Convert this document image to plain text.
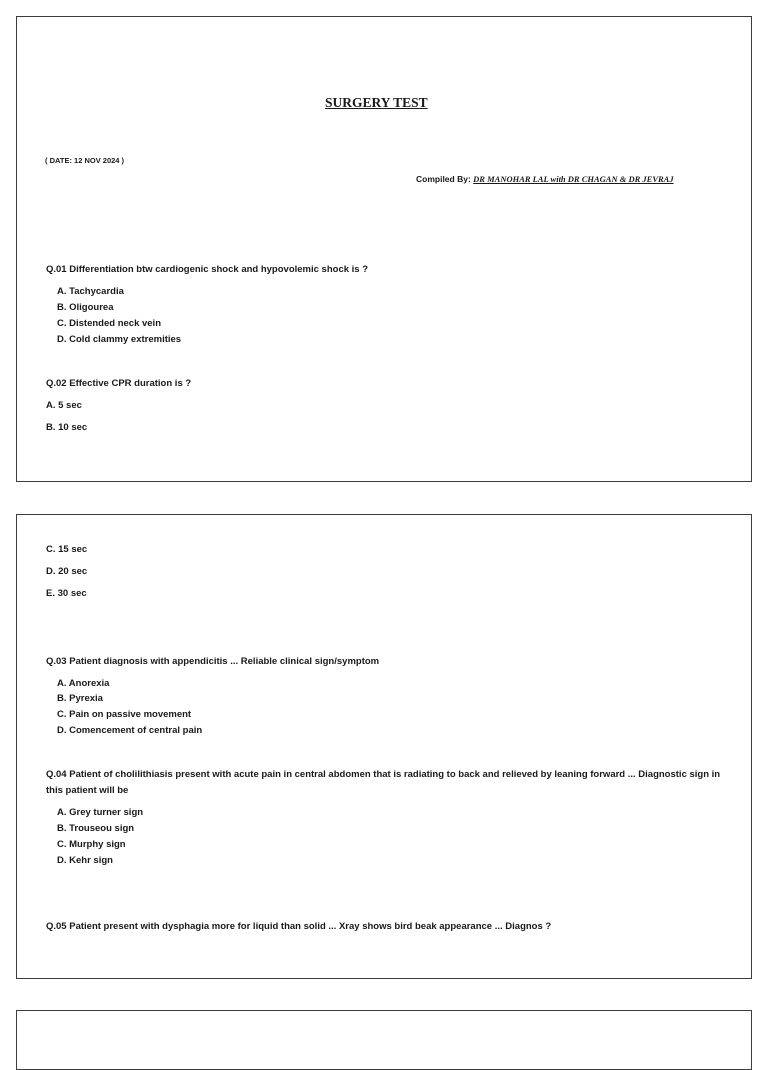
SURGERY TEST
( DATE: 12 NOV 2024 )
Compiled By: DR MANOHAR LAL with DR CHAGAN & DR JEVRAJ
Q.01 Differentiation btw cardiogenic shock and hypovolemic shock is ?
A. Tachycardia
B. Oligourea
C. Distended neck vein
D. Cold clammy extremities
Q.02 Effective CPR duration is ?
A. 5 sec
B. 10 sec
C. 15 sec
D. 20 sec
E. 30 sec
Q.03 Patient diagnosis with appendicitis ... Reliable clinical sign/symptom
A. Anorexia
B. Pyrexia
C. Pain on passive movement
D. Comencement of central pain
Q.04 Patient of cholilithiasis present with acute pain in central abdomen that is radiating to back and relieved by leaning forward ... Diagnostic sign in this patient will be
A. Grey turner sign
B. Trouseou sign
C. Murphy sign
D. Kehr sign
Q.05 Patient present with dysphagia more for liquid than solid ... Xray shows bird beak appearance ... Diagnos ?
